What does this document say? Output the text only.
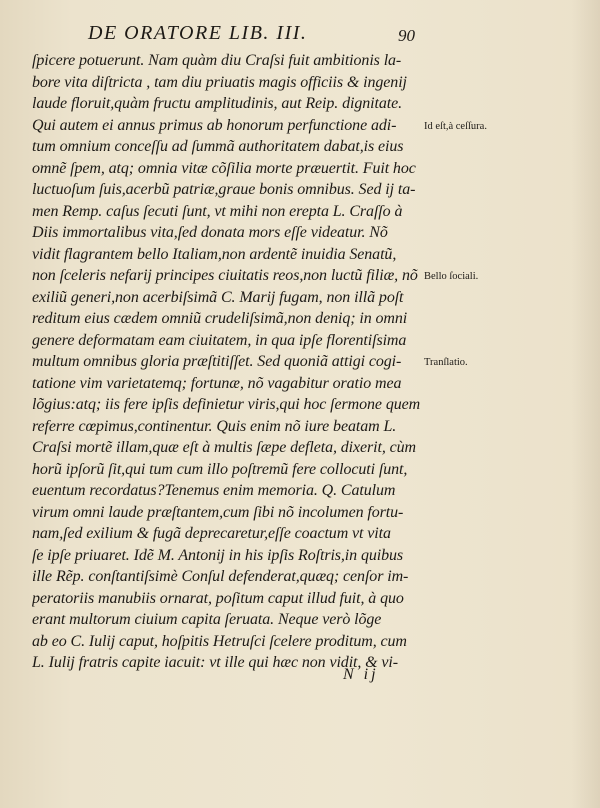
DE ORATORE LIB. III.	90
ſpicere potuerunt. Nam quàm diu Craſsi fuit ambitionis la-
bore vita diſtricta , tam diu priuatis magis officiis & ingenij
laude floruit,quàm fructu amplitudinis, aut Reip. dignitate.
Qui autem ei annus primus ab honorum perfunctione adi-
tum omnium conceſſu ad ſummã authoritatem dabat,is eius
omnẽ ſpem, atq; omnia vitæ cõſilia morte præuertit. Fuit hoc
luctuoſum ſuis,acerbũ patriæ,graue bonis omnibus. Sed ij ta-
men Remp. caſus ſecuti ſunt, vt mihi non erepta L. Craſſo à
Diis immortalibus vita,ſed donata mors eſſe videatur. Nõ
vidit flagrantem bello Italiam,non ardentẽ inuidia Senatũ,
non ſceleris nefarij principes ciuitatis reos,non luctũ filiæ, nõ
exiliũ generi,non acerbiſsimã C. Marij fugam, non illã poſt
reditum eius cædem omniũ crudeliſsimã,non deniq; in omni
genere deformatam eam ciuitatem, in qua ipſe florentiſsima
multum omnibus gloria præſtitiſſet. Sed quoniã attigi cogi-
tatione vim varietatemq; fortunæ, nõ vagabitur oratio mea
lõgius:atq; iis fere ipſis definietur viris,qui hoc ſermone quem
referre cœpimus,continentur. Quis enim nõ iure beatam L.
Craſsi mortẽ illam,quæ eſt à multis ſæpe defleta, dixerit, cùm
horũ ipſorũ ſit,qui tum cum illo poſtremũ fere collocuti ſunt,
euentum recordatus?Tenemus enim memoria. Q. Catulum
virum omni laude præſtantem,cum ſibi nõ incolumen fortu-
nam,ſed exilium & fugã deprecaretur,eſſe coactum vt vita
ſe ipſe priuaret. Idẽ M. Antonij in his ipſis Roſtris,in quibus
ille Rẽp. conſtantiſsimè Conſul defenderat,quæq; cenſor im-
peratoriis manubiis ornarat, poſitum caput illud fuit, à quo
erant multorum ciuium capita ſeruata. Neque verò lõge
ab eo C. Iulij caput, hoſpitis Hetruſci ſcelere proditum, cum
L. Iulij fratris capite iacuit: vt ille qui hæc non vidit, & vi-
Id eſt,à ceſſura.
Bello ſociali.
Tranſlatio.
N ij
